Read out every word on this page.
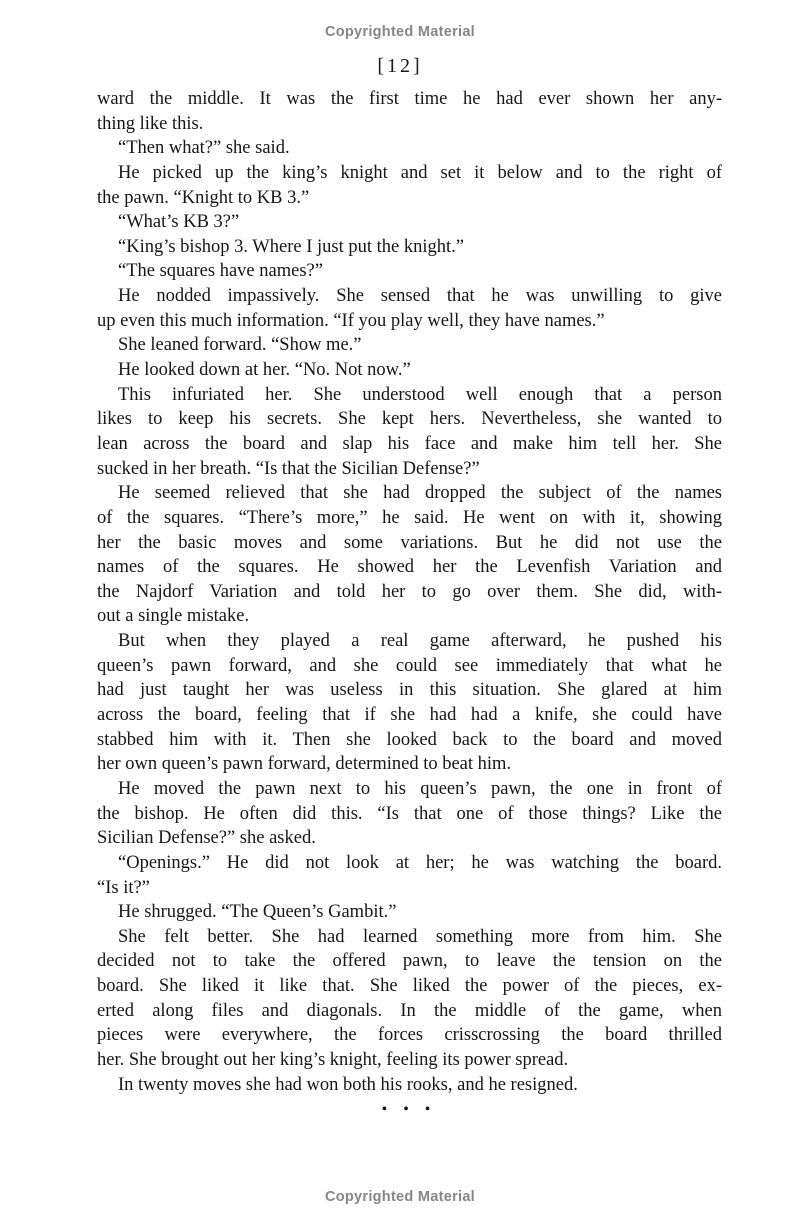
Copyrighted Material
[12]

ward the middle. It was the first time he had ever shown her any-
thing like this.

“Then what?” she said.

He picked up the king’s knight and set it below and to the right of
the pawn. “Knight to KB 3.”

“What’s KB 3?”

“King’s bishop 3. Where I just put the knight.”

“The squares have names?”

He nodded impassively. She sensed that he was unwilling to give
up even this much information. “If you play well, they have names.”

She leaned forward. “Show me.”

He looked down at her. “No. Not now.”

This infuriated her. She understood well enough that a person
likes to keep his secrets. She kept hers. Nevertheless, she wanted to
lean across the board and slap his face and make him tell her. She
sucked in her breath. “Is that the Sicilian Defense?”

He seemed relieved that she had dropped the subject of the names
of the squares. “There’s more,” he said. He went on with it, showing
her the basic moves and some variations. But he did not use the
names of the squares. He showed her the Levenfish Variation and
the Najdorf Variation and told her to go over them. She did, with-
out a single mistake.

But when they played a real game afterward, he pushed his
queen’s pawn forward, and she could see immediately that what he
had just taught her was useless in this situation. She glared at him
across the board, feeling that if she had had a knife, she could have
stabbed him with it. Then she looked back to the board and moved
her own queen’s pawn forward, determined to beat him.

He moved the pawn next to his queen’s pawn, the one in front of
the bishop. He often did this. “Is that one of those things? Like the
Sicilian Defense?” she asked.

“Openings.” He did not look at her; he was watching the board.
“Is it?”

He shrugged. “The Queen’s Gambit.”

She felt better. She had learned something more from him. She
decided not to take the offered pawn, to leave the tension on the
board. She liked it like that. She liked the power of the pieces, ex-
erted along files and diagonals. In the middle of the game, when
pieces were everywhere, the forces crisscrossing the board thrilled
her. She brought out her king’s knight, feeling its power spread.

In twenty moves she had won both his rooks, and he resigned.

• • •
Copyrighted Material
